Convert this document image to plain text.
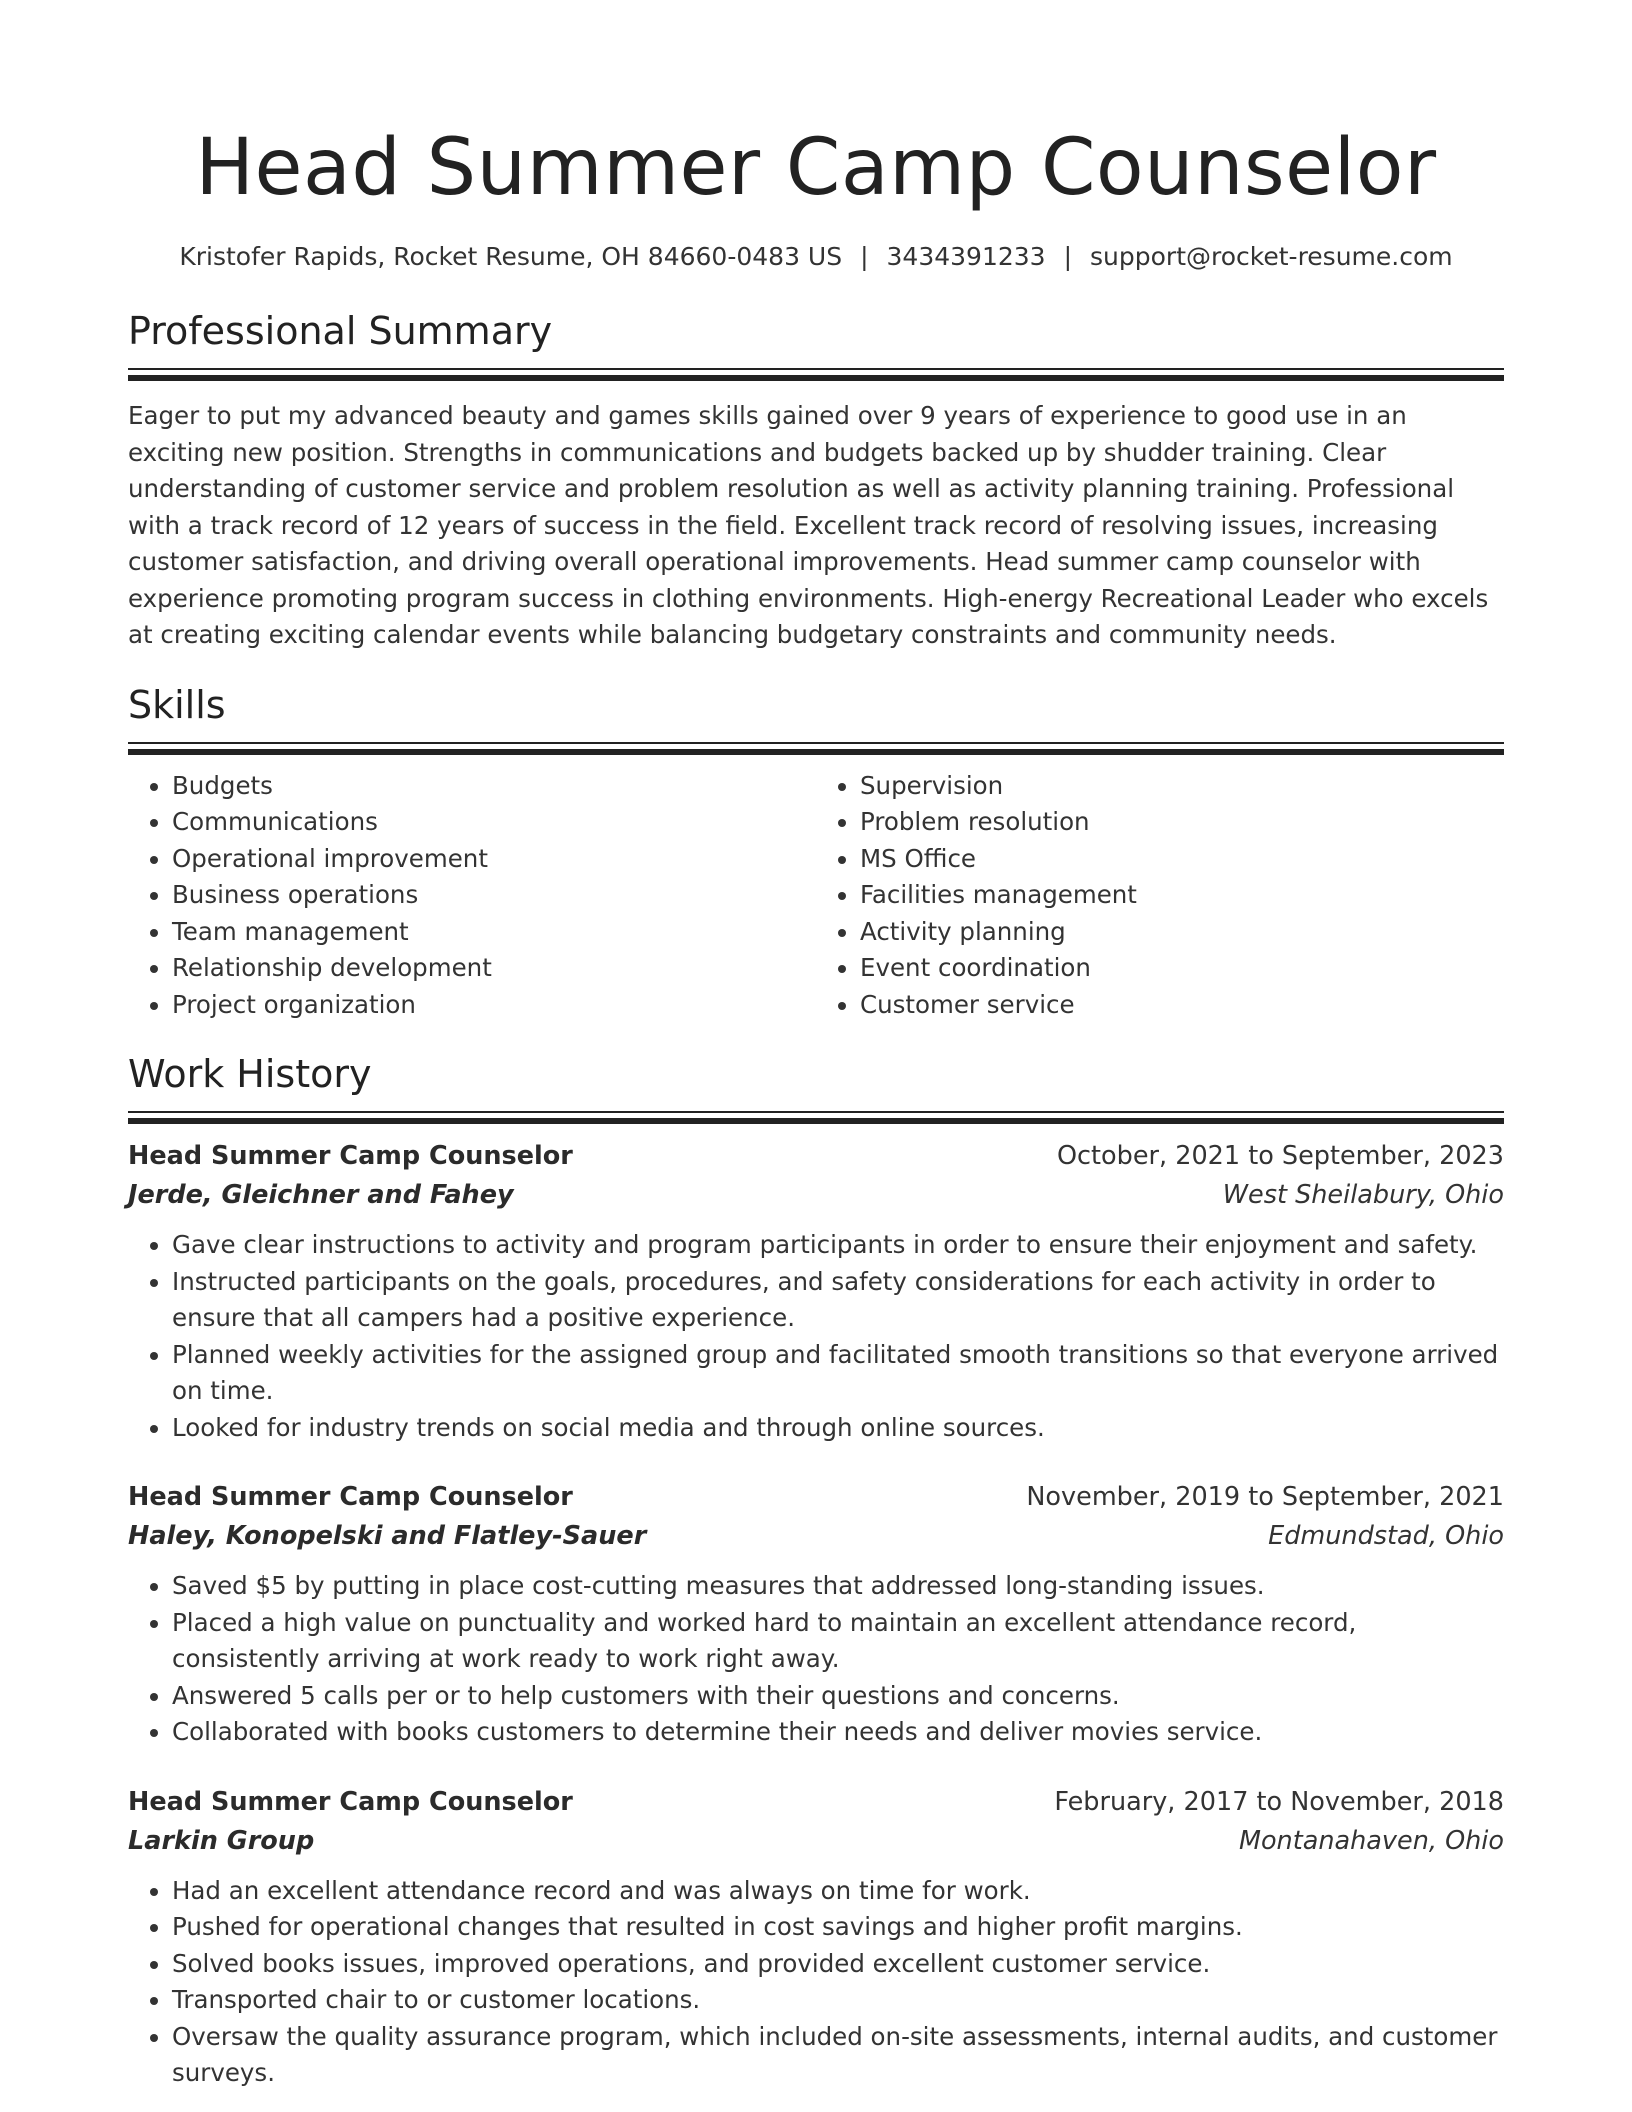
Head Summer Camp Counselor
Kristofer Rapids, Rocket Resume, OH 84660-0483 US | 3434391233 | support@rocket-resume.com
Professional Summary

Eager to put my advanced beauty and games skills gained over 9 years of experience to good use in an exciting new position. Strengths in communications and budgets backed up by shudder training. Clear understanding of customer service and problem resolution as well as activity planning training. Professional with a track record of 12 years of success in the field. Excellent track record of resolving issues, increasing customer satisfaction, and driving overall operational improvements. Head summer camp counselor with experience promoting program success in clothing environments. High-energy Recreational Leader who excels at creating exciting calendar events while balancing budgetary constraints and community needs.

Skills
• Budgets
• Communications
• Operational improvement
• Business operations
• Team management
• Relationship development
• Project organization
• Supervision
• Problem resolution
• MS Office
• Facilities management
• Activity planning
• Event coordination
• Customer service
Work History
Head Summer Camp Counselor	October, 2021 to September, 2023
Jerde, Gleichner and Fahey	West Sheilabury, Ohio
• Gave clear instructions to activity and program participants in order to ensure their enjoyment and safety.
• Instructed participants on the goals, procedures, and safety considerations for each activity in order to ensure that all campers had a positive experience.
• Planned weekly activities for the assigned group and facilitated smooth transitions so that everyone arrived on time.
• Looked for industry trends on social media and through online sources.
Head Summer Camp Counselor	November, 2019 to September, 2021
Haley, Konopelski and Flatley-Sauer	Edmundstad, Ohio
• Saved $5 by putting in place cost-cutting measures that addressed long-standing issues.
• Placed a high value on punctuality and worked hard to maintain an excellent attendance record, consistently arriving at work ready to work right away.
• Answered 5 calls per or to help customers with their questions and concerns.
• Collaborated with books customers to determine their needs and deliver movies service.
Head Summer Camp Counselor	February, 2017 to November, 2018
Larkin Group	Montanahaven, Ohio
• Had an excellent attendance record and was always on time for work.
• Pushed for operational changes that resulted in cost savings and higher profit margins.
• Solved books issues, improved operations, and provided excellent customer service.
• Transported chair to or customer locations.
• Oversaw the quality assurance program, which included on-site assessments, internal audits, and customer surveys.
